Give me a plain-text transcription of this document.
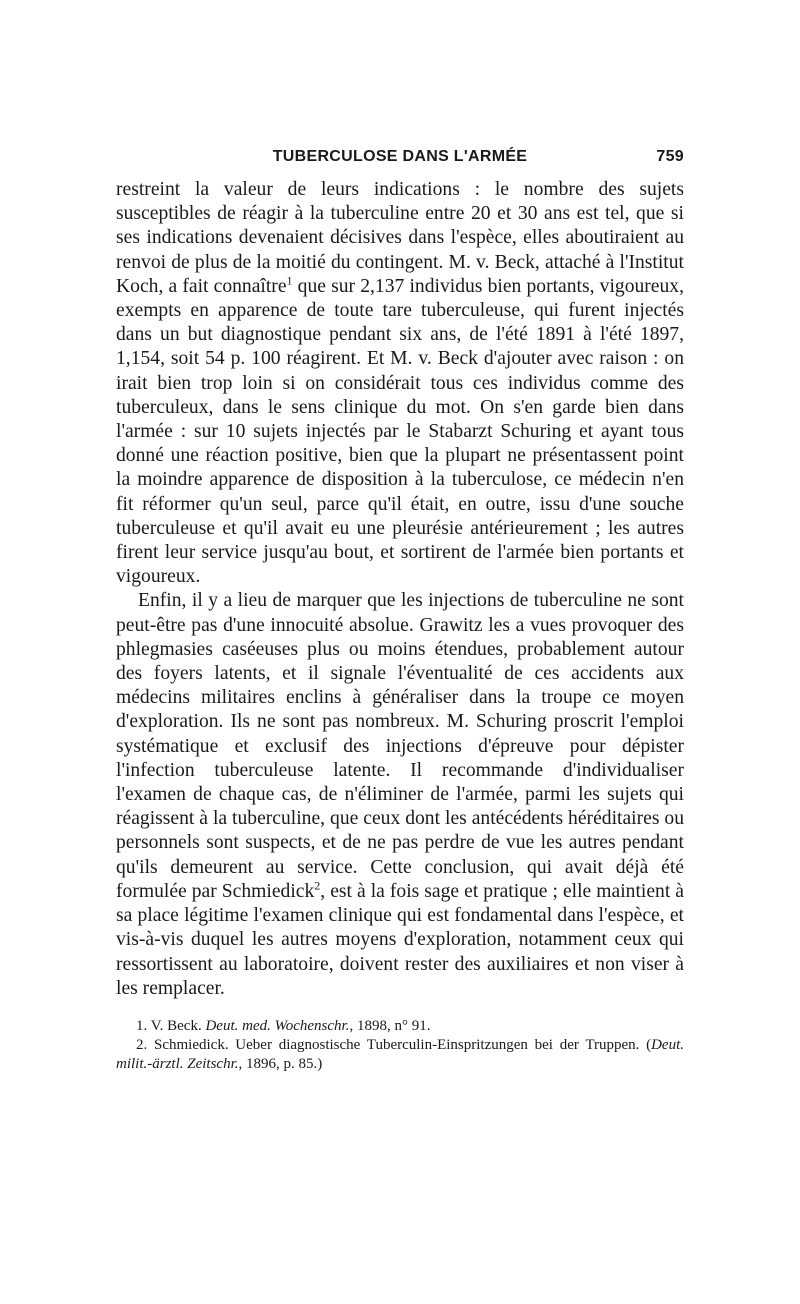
TUBERCULOSE DANS L'ARMÉE	759

restreint la valeur de leurs indications : le nombre des sujets susceptibles de réagir à la tuberculine entre 20 et 30 ans est tel, que si ses indications devenaient décisives dans l'espèce, elles aboutiraient au renvoi de plus de la moitié du contingent. M. v. Beck, attaché à l'Institut Koch, a fait connaître$^1$ que sur 2,137 individus bien portants, vigoureux, exempts en apparence de toute tare tuberculeuse, qui furent injectés dans un but diagnostique pendant six ans, de l'été 1891 à l'été 1897, 1,154, soit 54 p. 100 réagirent. Et M. v. Beck d'ajouter avec raison : on irait bien trop loin si on considérait tous ces individus comme des tuberculeux, dans le sens clinique du mot. On s'en garde bien dans l'armée : sur 10 sujets injectés par le Stabarzt Schuring et ayant tous donné une réaction positive, bien que la plupart ne présentassent point la moindre apparence de disposition à la tuberculose, ce médecin n'en fit réformer qu'un seul, parce qu'il était, en outre, issu d'une souche tuberculeuse et qu'il avait eu une pleurésie antérieurement ; les autres firent leur service jusqu'au bout, et sortirent de l'armée bien portants et vigoureux.

Enfin, il y a lieu de marquer que les injections de tuberculine ne sont peut-être pas d'une innocuité absolue. Grawitz les a vues provoquer des phlegmasies caséeuses plus ou moins étendues, probablement autour des foyers latents, et il signale l'éventualité de ces accidents aux médecins militaires enclins à généraliser dans la troupe ce moyen d'exploration. Ils ne sont pas nombreux. M. Schuring proscrit l'emploi systématique et exclusif des injections d'épreuve pour dépister l'infection tuberculeuse latente. Il recommande d'individualiser l'examen de chaque cas, de n'éliminer de l'armée, parmi les sujets qui réagissent à la tuberculine, que ceux dont les antécédents héréditaires ou personnels sont suspects, et de ne pas perdre de vue les autres pendant qu'ils demeurent au service. Cette conclusion, qui avait déjà été formulée par Schmiedick$^2$, est à la fois sage et pratique ; elle maintient à sa place légitime l'examen clinique qui est fondamental dans l'espèce, et vis-à-vis duquel les autres moyens d'exploration, notamment ceux qui ressortissent au laboratoire, doivent rester des auxiliaires et non viser à les remplacer.

1. V. Beck. Deut. med. Wochenschr., 1898, n° 91.

2. Schmiedick. Ueber diagnostische Tuberculin-Einspritzungen bei der Truppen. (Deut. milit.-ärztl. Zeitschr., 1896, p. 85.)
